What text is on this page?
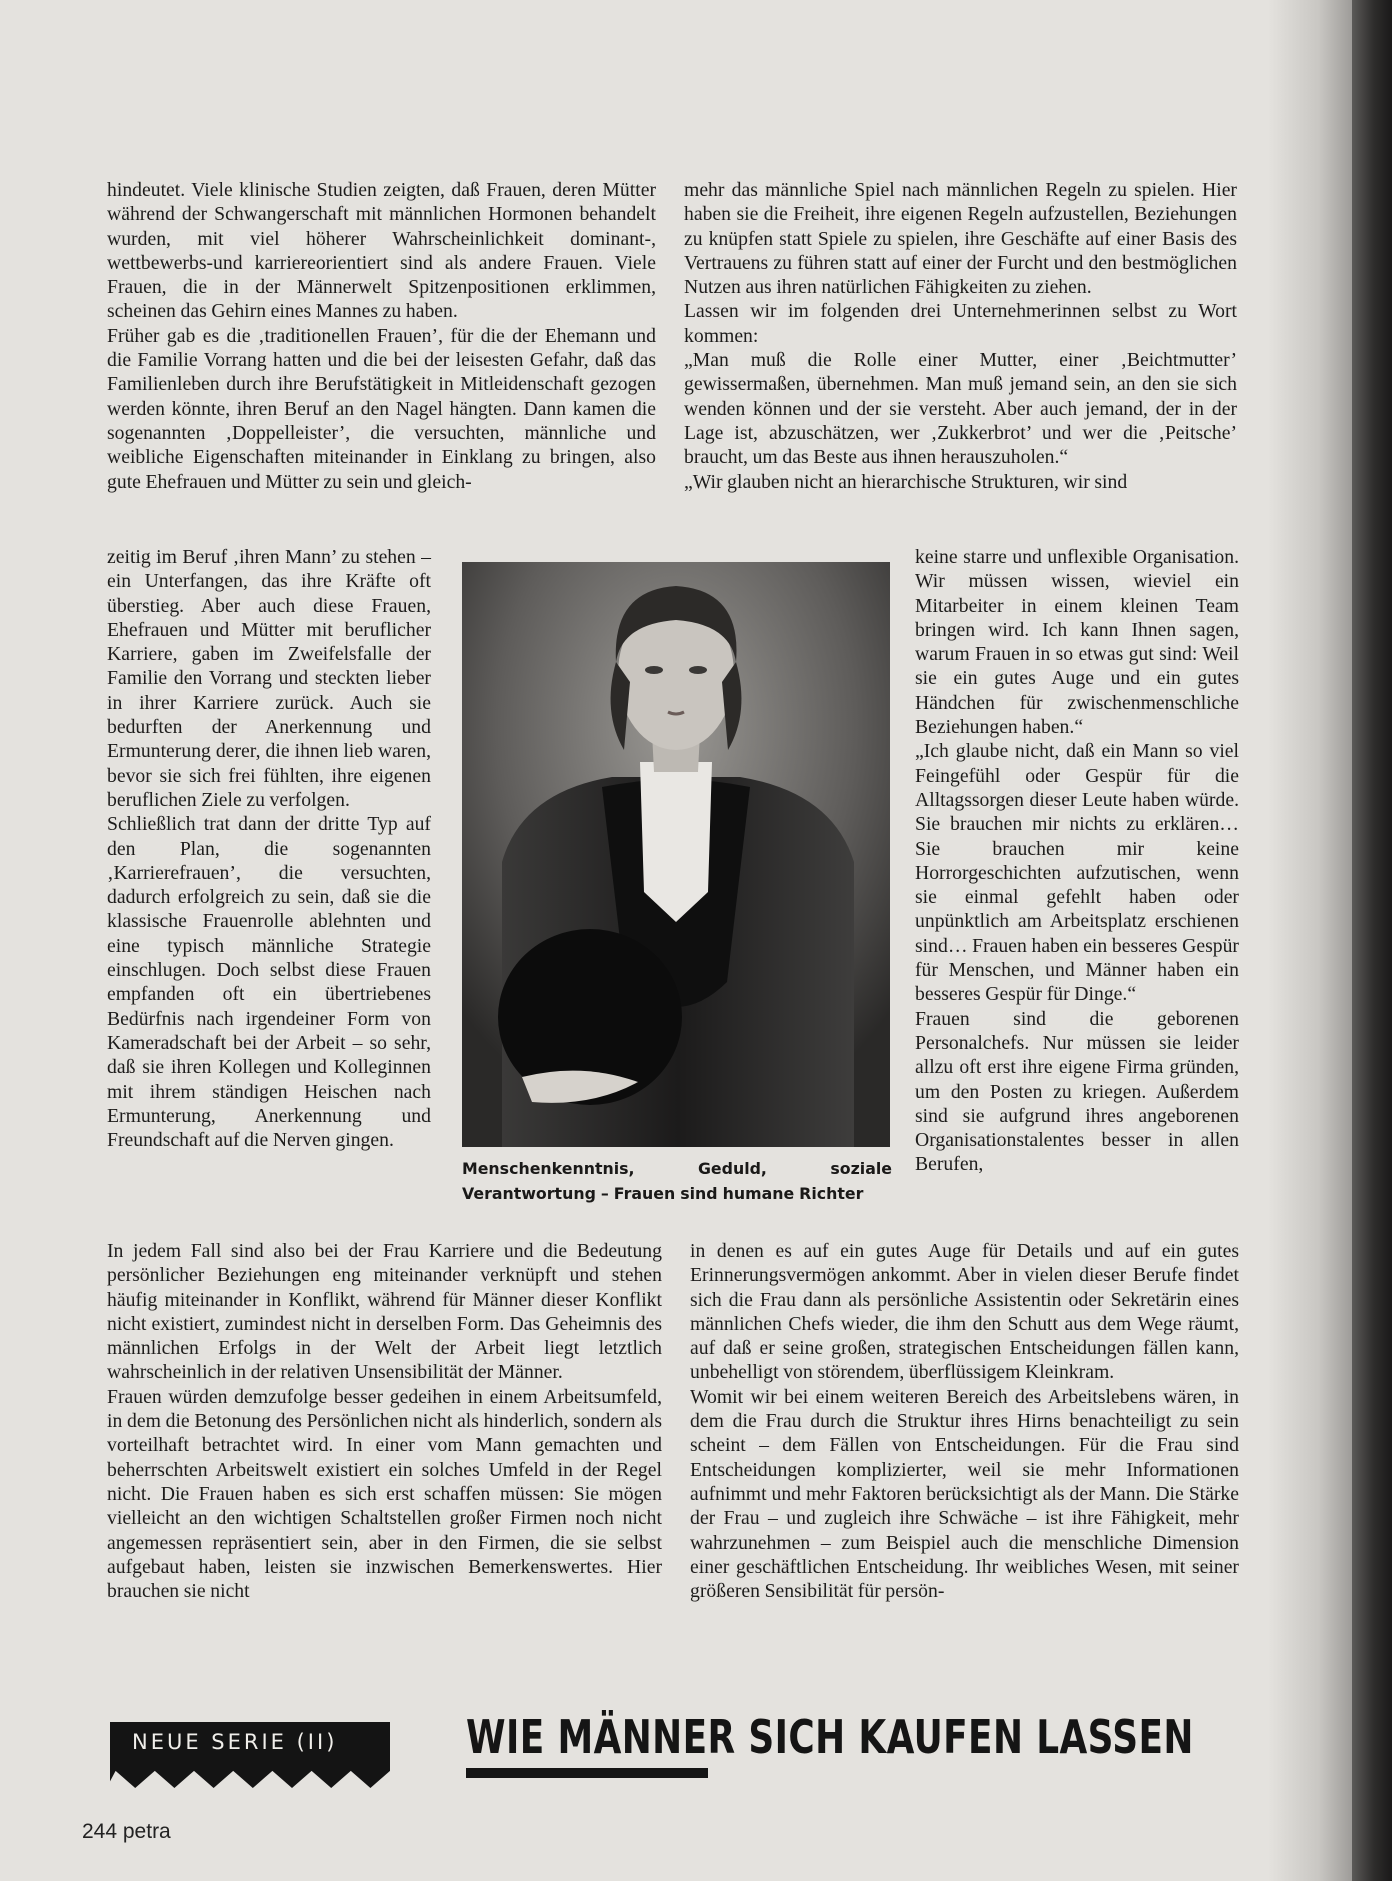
hindeutet. Viele klinische Studien zeigten, daß Frauen, deren Mütter während der Schwangerschaft mit männlichen Hormonen behandelt wurden, mit viel höherer Wahrscheinlichkeit dominant-, wettbewerbs-und karriereorientiert sind als andere Frauen. Viele Frauen, die in der Männerwelt Spitzenpositionen erklimmen, scheinen das Gehirn eines Mannes zu haben.

Früher gab es die ‚traditionellen Frauen’, für die der Ehemann und die Familie Vorrang hatten und die bei der leisesten Gefahr, daß das Familienleben durch ihre Berufstätigkeit in Mitleidenschaft gezogen werden könnte, ihren Beruf an den Nagel hängten. Dann kamen die sogenannten ‚Doppelleister’, die versuchten, männliche und weibliche Eigenschaften miteinander in Einklang zu bringen, also gute Ehefrauen und Mütter zu sein und gleich-

zeitig im Beruf ‚ihren Mann’ zu stehen – ein Unterfangen, das ihre Kräfte oft überstieg. Aber auch diese Frauen, Ehefrauen und Mütter mit beruflicher Karriere, gaben im Zweifelsfalle der Familie den Vorrang und steckten lieber in ihrer Karriere zurück. Auch sie bedurften der Anerkennung und Ermunterung derer, die ihnen lieb waren, bevor sie sich frei fühlten, ihre eigenen beruflichen Ziele zu verfolgen.

Schließlich trat dann der dritte Typ auf den Plan, die sogenannten ‚Karrierefrauen’, die versuchten, dadurch erfolgreich zu sein, daß sie die klassische Frauenrolle ablehnten und eine typisch männliche Strategie einschlugen. Doch selbst diese Frauen empfanden oft ein übertriebenes Bedürfnis nach irgendeiner Form von Kameradschaft bei der Arbeit – so sehr, daß sie ihren Kollegen und Kolleginnen mit ihrem ständigen Heischen nach Ermunterung, Anerkennung und Freundschaft auf die Nerven gingen.

In jedem Fall sind also bei der Frau Karriere und die Bedeutung persönlicher Beziehungen eng miteinander verknüpft und stehen häufig miteinander in Konflikt, während für Männer dieser Konflikt nicht existiert, zumindest nicht in derselben Form. Das Geheimnis des männlichen Erfolgs in der Welt der Arbeit liegt letztlich wahrscheinlich in der relativen Unsensibilität der Männer.

Frauen würden demzufolge besser gedeihen in einem Arbeitsumfeld, in dem die Betonung des Persönlichen nicht als hinderlich, sondern als vorteilhaft betrachtet wird. In einer vom Mann gemachten und beherrschten Arbeitswelt existiert ein solches Umfeld in der Regel nicht. Die Frauen haben es sich erst schaffen müssen: Sie mögen vielleicht an den wichtigen Schaltstellen großer Firmen noch nicht angemessen repräsentiert sein, aber in den Firmen, die sie selbst aufgebaut haben, leisten sie inzwischen Bemerkenswertes. Hier brauchen sie nicht

Menschenkenntnis, Geduld, soziale Verantwortung – Frauen sind humane Richter

mehr das männliche Spiel nach männlichen Regeln zu spielen. Hier haben sie die Freiheit, ihre eigenen Regeln aufzustellen, Beziehungen zu knüpfen statt Spiele zu spielen, ihre Geschäfte auf einer Basis des Vertrauens zu führen statt auf einer der Furcht und den bestmöglichen Nutzen aus ihren natürlichen Fähigkeiten zu ziehen.

Lassen wir im folgenden drei Unternehmerinnen selbst zu Wort kommen:

„Man muß die Rolle einer Mutter, einer ‚Beichtmutter’ gewissermaßen, übernehmen. Man muß jemand sein, an den sie sich wenden können und der sie versteht. Aber auch jemand, der in der Lage ist, abzuschätzen, wer ‚Zukkerbrot’ und wer die ‚Peitsche’ braucht, um das Beste aus ihnen herauszuholen.“

„Wir glauben nicht an hierarchische Strukturen, wir sind

keine starre und unflexible Organisation. Wir müssen wissen, wieviel ein Mitarbeiter in einem kleinen Team bringen wird. Ich kann Ihnen sagen, warum Frauen in so etwas gut sind: Weil sie ein gutes Auge und ein gutes Händchen für zwischenmenschliche Beziehungen haben.“

„Ich glaube nicht, daß ein Mann so viel Feingefühl oder Gespür für die Alltagssorgen dieser Leute haben würde. Sie brauchen mir nichts zu erklären… Sie brauchen mir keine Horrorgeschichten aufzutischen, wenn sie einmal gefehlt haben oder unpünktlich am Arbeitsplatz erschienen sind… Frauen haben ein besseres Gespür für Menschen, und Männer haben ein besseres Gespür für Dinge.“

Frauen sind die geborenen Personalchefs. Nur müssen sie leider allzu oft erst ihre eigene Firma gründen, um den Posten zu kriegen. Außerdem sind sie aufgrund ihres angeborenen Organisationstalentes besser in allen Berufen,

in denen es auf ein gutes Auge für Details und auf ein gutes Erinnerungsvermögen ankommt. Aber in vielen dieser Berufe findet sich die Frau dann als persönliche Assistentin oder Sekretärin eines männlichen Chefs wieder, die ihm den Schutt aus dem Wege räumt, auf daß er seine großen, strategischen Entscheidungen fällen kann, unbehelligt von störendem, überflüssigem Kleinkram.

Womit wir bei einem weiteren Bereich des Arbeitslebens wären, in dem die Frau durch die Struktur ihres Hirns benachteiligt zu sein scheint – dem Fällen von Entscheidungen. Für die Frau sind Entscheidungen komplizierter, weil sie mehr Informationen aufnimmt und mehr Faktoren berücksichtigt als der Mann. Die Stärke der Frau – und zugleich ihre Schwäche – ist ihre Fähigkeit, mehr wahrzunehmen – zum Beispiel auch die menschliche Dimension einer geschäftlichen Entscheidung. Ihr weibliches Wesen, mit seiner größeren Sensibilität für persön-

NEUE SERIE (II)	WIE MÄNNER SICH KAUFEN LASSEN
244 petra
